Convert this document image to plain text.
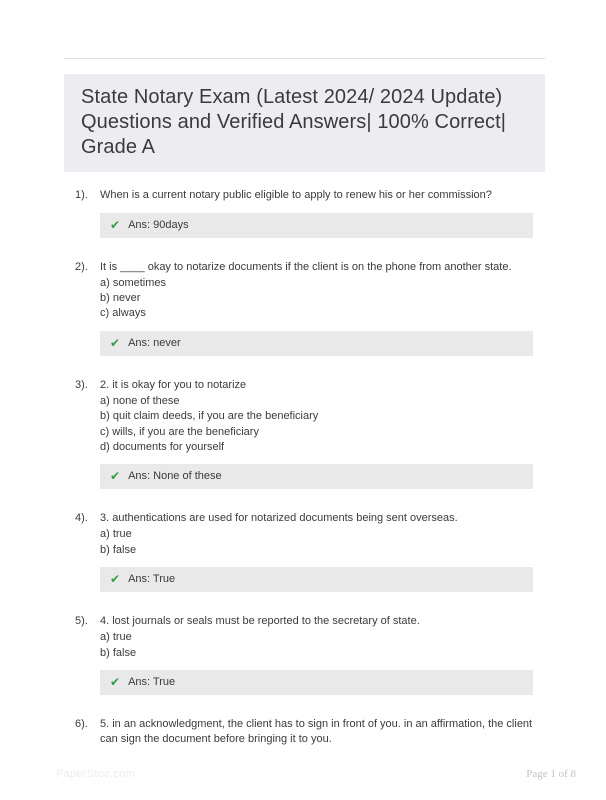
State Notary Exam (Latest 2024/ 2024 Update) Questions and Verified Answers| 100% Correct| Grade A
1).	When is a current notary public eligible to apply to renew his or her commission?
✔ Ans: 90days
2).	It is ____ okay to notarize documents if the client is on the phone from another state.
a) sometimes
b) never
c) always
✔ Ans: never
3).	2. it is okay for you to notarize
a) none of these
b) quit claim deeds, if you are the beneficiary
c) wills, if you are the beneficiary
d) documents for yourself
✔ Ans: None of these
4).	3. authentications are used for notarized documents being sent overseas.
a) true
b) false
✔ Ans: True
5).	4. lost journals or seals must be reported to the secretary of state.
a) true
b) false
✔ Ans: True
6).	5. in an acknowledgment, the client has to sign in front of you. in an affirmation, the client can sign the document before bringing it to you.
PaperStoc.com	Page 1 of 8
